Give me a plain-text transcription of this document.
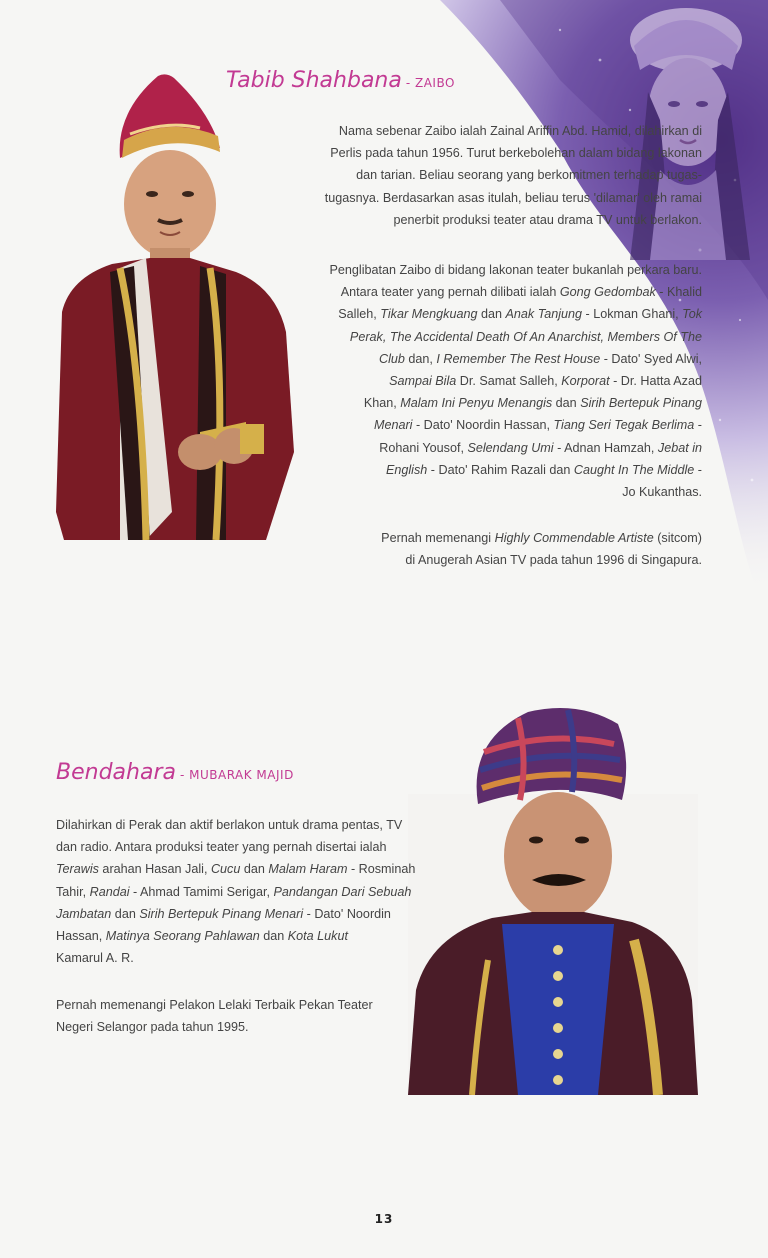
Tabib Shahbana - ZAIBO
Nama sebenar Zaibo ialah Zainal Ariffin Abd. Hamid, dilahirkan di
Perlis pada tahun 1956. Turut berkebolehan dalam bidang lakonan
dan tarian. Beliau seorang yang berkomitmen terhadap tugas-
tugasnya. Berdasarkan asas itulah, beliau terus 'dilamar' oleh ramai
penerbit produksi teater atau drama TV untuk berlakon.
Penglibatan Zaibo di bidang lakonan teater bukanlah perkara baru.
Antara teater yang pernah dilibati ialah Gong Gedombak - Khalid
Salleh, Tikar Mengkuang dan Anak Tanjung - Lokman Ghani, Tok
Perak, The Accidental Death Of An Anarchist, Members Of The
Club dan, I Remember The Rest House - Dato' Syed Alwi,
Sampai Bila Dr. Samat Salleh, Korporat - Dr. Hatta Azad
Khan, Malam Ini Penyu Menangis dan Sirih Bertepuk Pinang
Menari - Dato' Noordin Hassan, Tiang Seri Tegak Berlima -
Rohani Yousof, Selendang Umi - Adnan Hamzah, Jebat in
English - Dato' Rahim Razali dan Caught In The Middle -
Jo Kukanthas.
Pernah memenangi Highly Commendable Artiste (sitcom)
di Anugerah Asian TV pada tahun 1996 di Singapura.
Bendahara - MUBARAK MAJID
Dilahirkan di Perak dan aktif berlakon untuk drama pentas, TV
dan radio. Antara produksi teater yang pernah disertai ialah
Terawis arahan Hasan Jali, Cucu dan Malam Haram - Rosminah
Tahir, Randai - Ahmad Tamimi Serigar, Pandangan Dari Sebuah
Jambatan dan Sirih Bertepuk Pinang Menari - Dato' Noordin
Hassan, Matinya Seorang Pahlawan dan Kota Lukut
Kamarul A. R.
Pernah memenangi Pelakon Lelaki Terbaik Pekan Teater
Negeri Selangor pada tahun 1995.
13
